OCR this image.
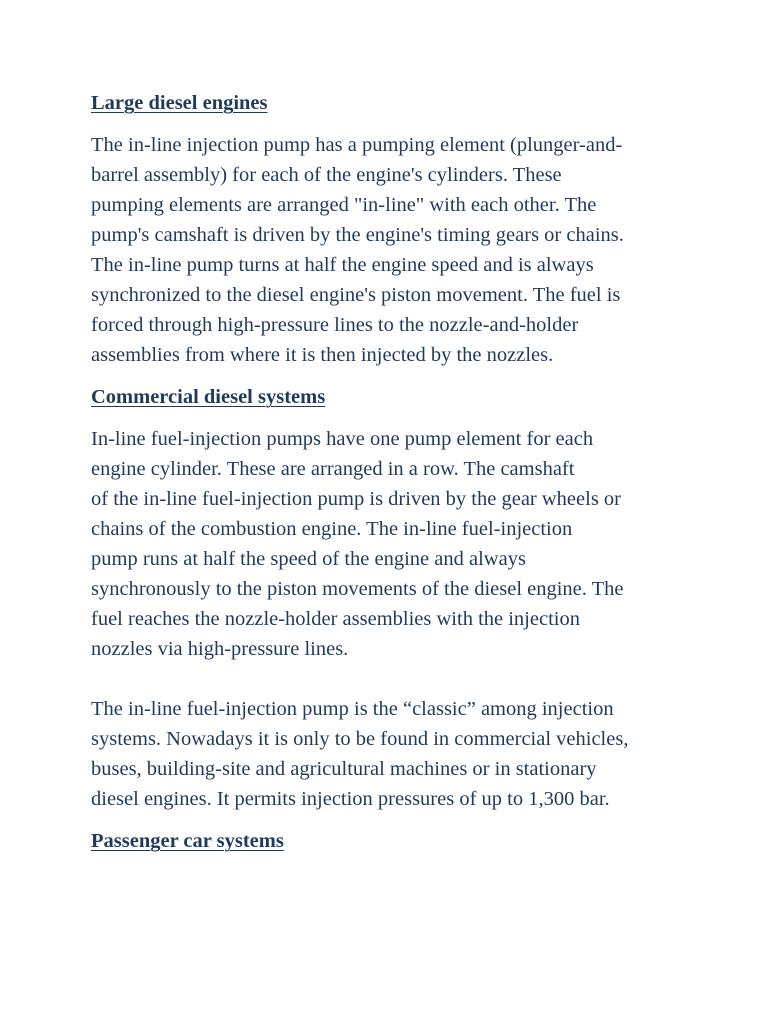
Large diesel engines

The in-line injection pump has a pumping element (plunger-and-
barrel assembly) for each of the engine's cylinders. These
pumping elements are arranged "in-line" with each other. The
pump's camshaft is driven by the engine's timing gears or chains.
The in-line pump turns at half the engine speed and is always
synchronized to the diesel engine's piston movement. The fuel is
forced through high-pressure lines to the nozzle-and-holder
assemblies from where it is then injected by the nozzles.

Commercial diesel systems

In-line fuel-injection pumps have one pump element for each
engine cylinder. These are arranged in a row. The camshaft
of the in-line fuel-injection pump is driven by the gear wheels or
chains of the combustion engine. The in-line fuel-injection
pump runs at half the speed of the engine and always
synchronously to the piston movements of the diesel engine. The
fuel reaches the nozzle-holder assemblies with the injection
nozzles via high-pressure lines.

The in-line fuel-injection pump is the “classic” among injection
systems. Nowadays it is only to be found in commercial vehicles,
buses, building-site and agricultural machines or in stationary
diesel engines. It permits injection pressures of up to 1,300 bar.

Passenger car systems
